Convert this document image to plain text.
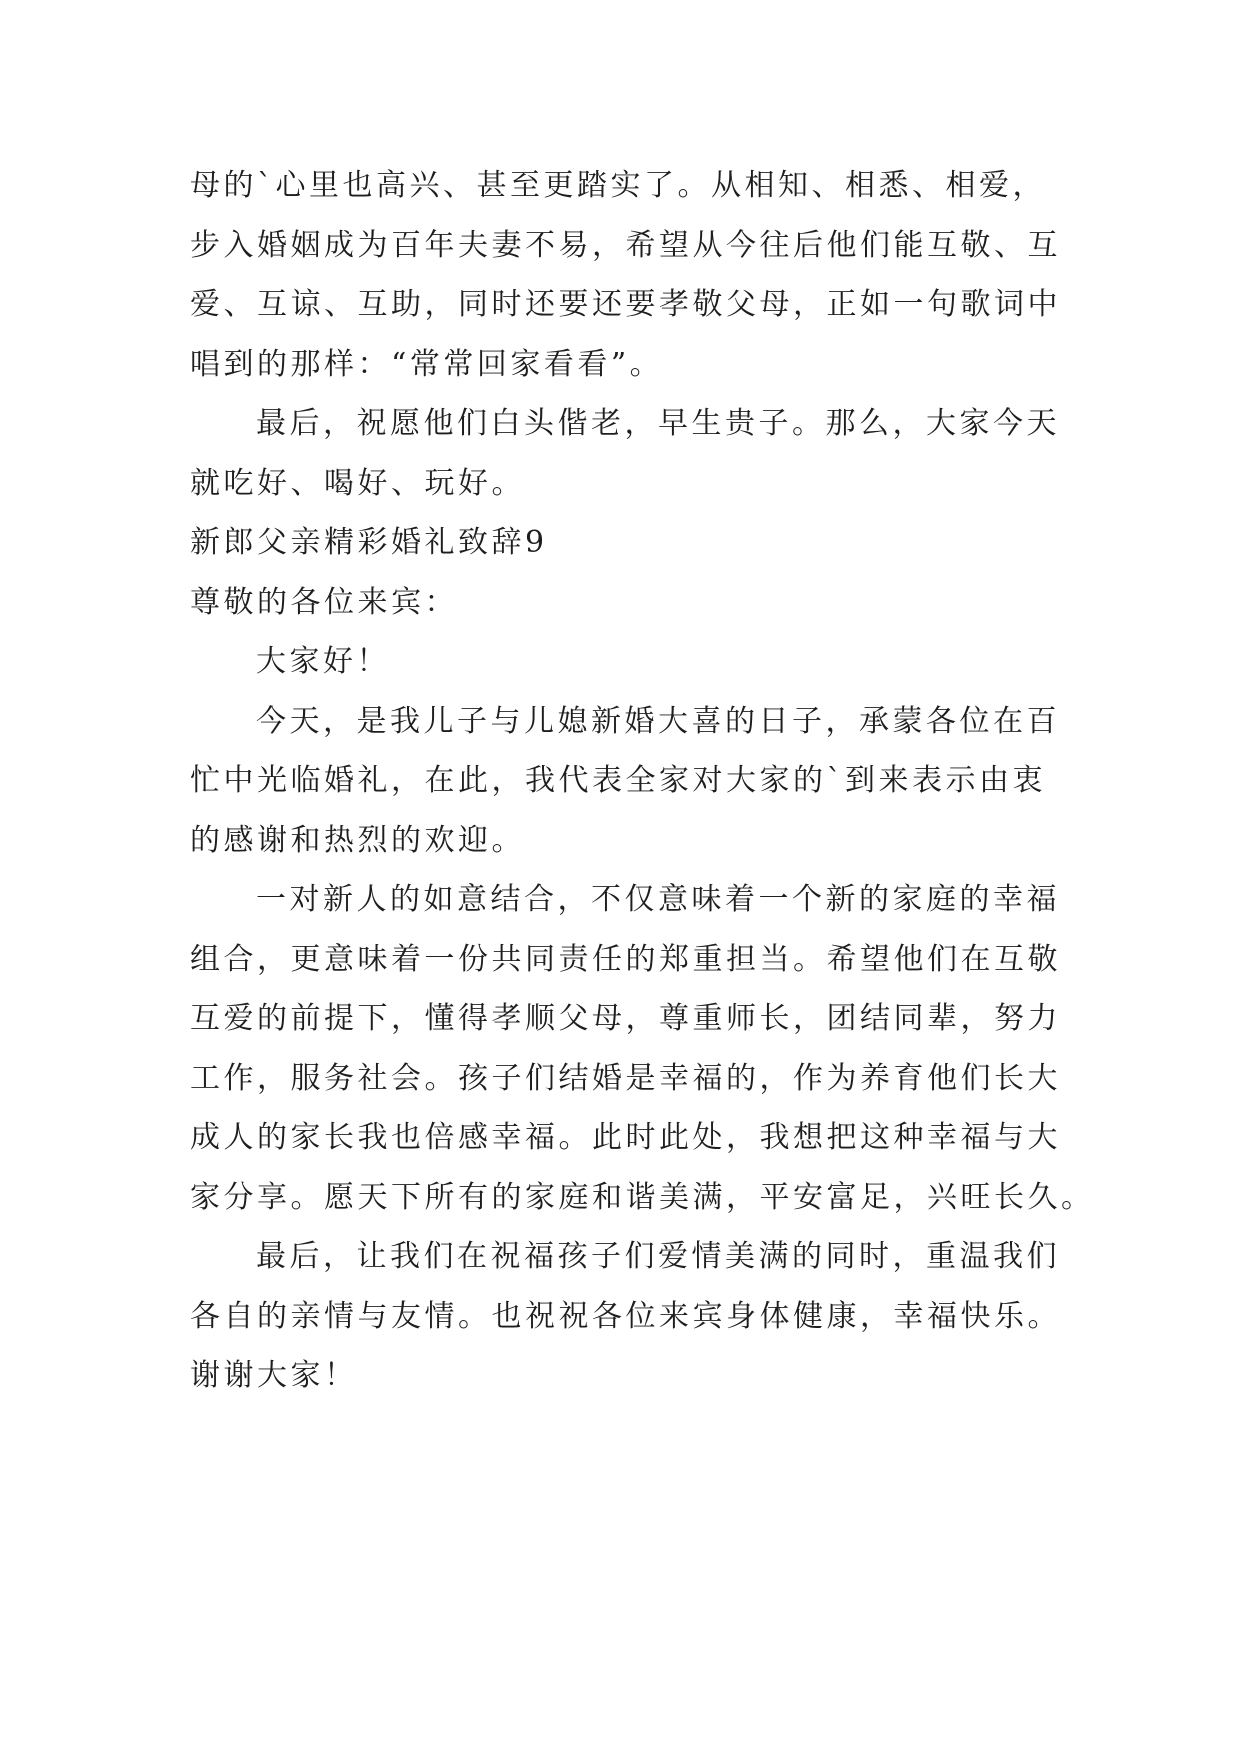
母的`心里也高兴、甚至更踏实了。从相知、相悉、相爱，
步入婚姻成为百年夫妻不易，希望从今往后他们能互敬、互
爱、互谅、互助，同时还要还要孝敬父母，正如一句歌词中
唱到的那样：“常常回家看看”。
最后，祝愿他们白头偕老，早生贵子。那么，大家今天
就吃好、喝好、玩好。
新郎父亲精彩婚礼致辞9
尊敬的各位来宾：
大家好！
今天，是我儿子与儿媳新婚大喜的日子，承蒙各位在百
忙中光临婚礼，在此，我代表全家对大家的`到来表示由衷
的感谢和热烈的欢迎。
一对新人的如意结合，不仅意味着一个新的家庭的幸福
组合，更意味着一份共同责任的郑重担当。希望他们在互敬
互爱的前提下，懂得孝顺父母，尊重师长，团结同辈，努力
工作，服务社会。孩子们结婚是幸福的，作为养育他们长大
成人的家长我也倍感幸福。此时此处，我想把这种幸福与大
家分享。愿天下所有的家庭和谐美满，平安富足，兴旺长久。
最后，让我们在祝福孩子们爱情美满的同时，重温我们
各自的亲情与友情。也祝祝各位来宾身体健康，幸福快乐。
谢谢大家！
